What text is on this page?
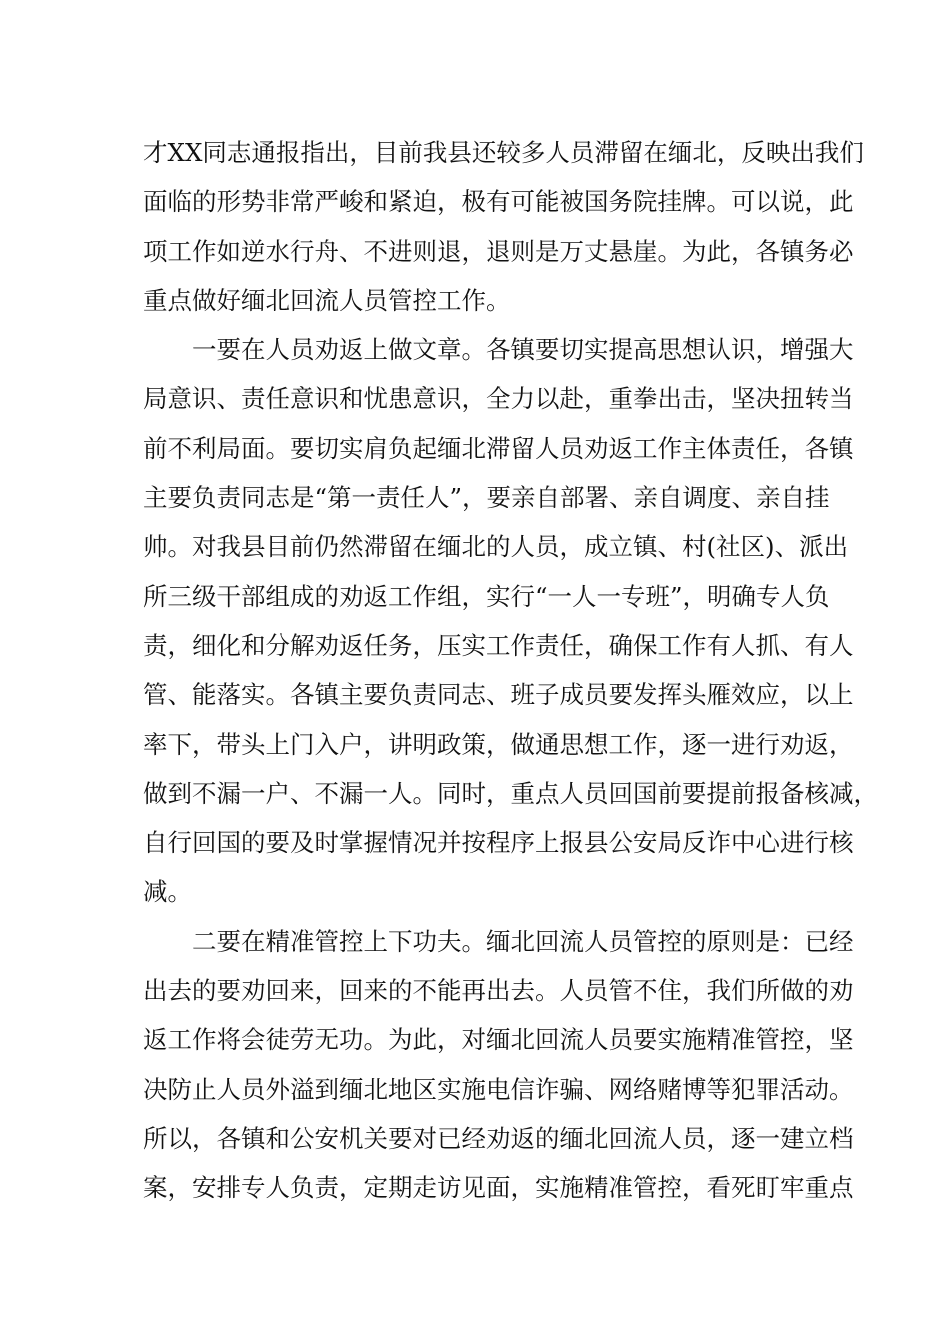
才XX同志通报指出，目前我县还较多人员滞留在缅北，反映出我们
面临的形势非常严峻和紧迫，极有可能被国务院挂牌。可以说，此
项工作如逆水行舟、不进则退，退则是万丈悬崖。为此，各镇务必
重点做好缅北回流人员管控工作。
一要在人员劝返上做文章。各镇要切实提高思想认识，增强大
局意识、责任意识和忧患意识，全力以赴，重拳出击，坚决扭转当
前不利局面。要切实肩负起缅北滞留人员劝返工作主体责任，各镇
主要负责同志是“第一责任人”，要亲自部署、亲自调度、亲自挂
帅。对我县目前仍然滞留在缅北的人员，成立镇、村(社区)、派出
所三级干部组成的劝返工作组，实行“一人一专班”，明确专人负
责，细化和分解劝返任务，压实工作责任，确保工作有人抓、有人
管、能落实。各镇主要负责同志、班子成员要发挥头雁效应，以上
率下，带头上门入户，讲明政策，做通思想工作，逐一进行劝返，
做到不漏一户、不漏一人。同时，重点人员回国前要提前报备核减，
自行回国的要及时掌握情况并按程序上报县公安局反诈中心进行核
减。
二要在精准管控上下功夫。缅北回流人员管控的原则是：已经
出去的要劝回来，回来的不能再出去。人员管不住，我们所做的劝
返工作将会徒劳无功。为此，对缅北回流人员要实施精准管控，坚
决防止人员外溢到缅北地区实施电信诈骗、网络赌博等犯罪活动。
所以，各镇和公安机关要对已经劝返的缅北回流人员，逐一建立档
案，安排专人负责，定期走访见面，实施精准管控，看死盯牢重点
